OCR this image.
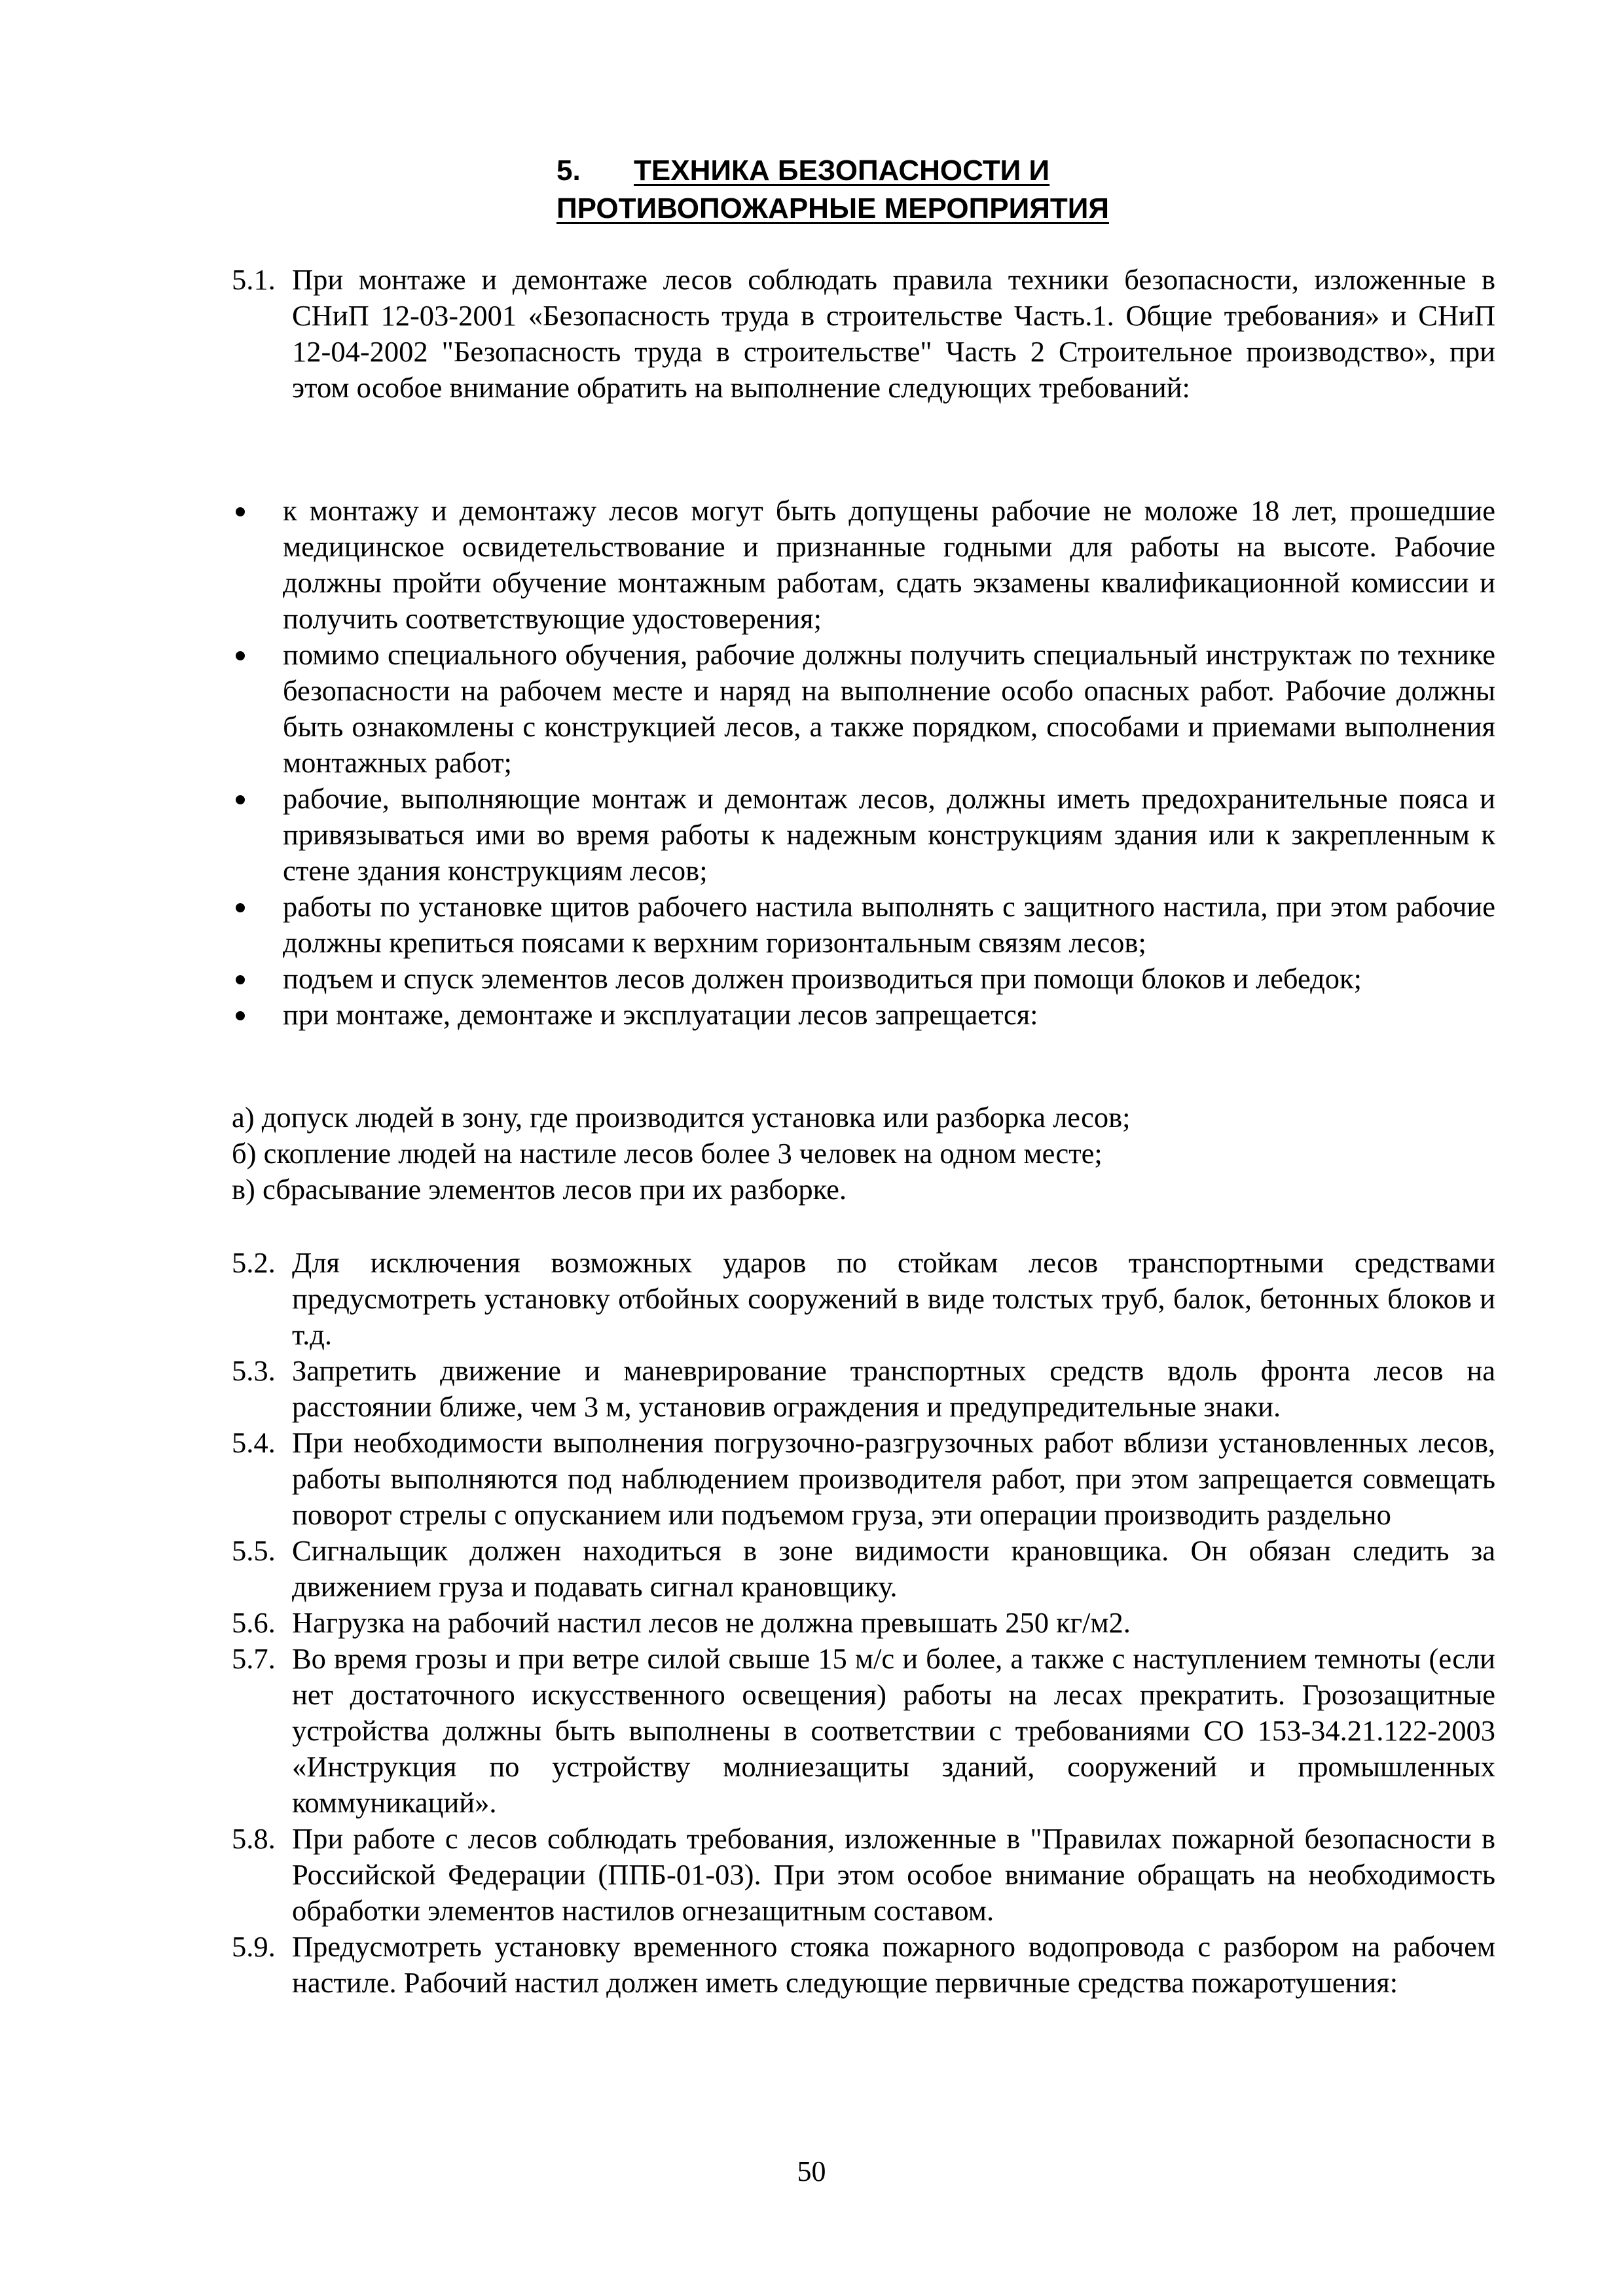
5. ТЕХНИКА БЕЗОПАСНОСТИ И
ПРОТИВОПОЖАРНЫЕ МЕРОПРИЯТИЯ
5.1. При монтаже и демонтаже лесов соблюдать правила техники безопасности, изложенные в СНиП 12-03-2001 «Безопасность труда в строительстве Часть.1. Общие требования» и СНиП 12-04-2002 "Безопасность труда в строительстве" Часть 2 Строительное производство», при этом особое внимание обратить на выполнение следующих требований:
к монтажу и демонтажу лесов могут быть допущены рабочие не моложе 18 лет, прошедшие медицинское освидетельствование и признанные годными для работы на высоте. Рабочие должны пройти обучение монтажным работам, сдать экзамены квалификационной комиссии и получить соответствующие удостоверения;
помимо специального обучения, рабочие должны получить специальный инструктаж по технике безопасности на рабочем месте и наряд на выполнение особо опасных работ. Рабочие должны быть ознакомлены с конструкцией лесов, а также порядком, способами и приемами выполнения монтажных работ;
рабочие, выполняющие монтаж и демонтаж лесов, должны иметь предохранительные пояса и привязываться ими во время работы к надежным конструкциям здания или к закрепленным к стене здания конструкциям лесов;
работы по установке щитов рабочего настила выполнять с защитного настила, при этом рабочие должны крепиться поясами к верхним горизонтальным связям лесов;
подъем и спуск элементов лесов должен производиться при помощи блоков и лебедок;
при монтаже, демонтаже и эксплуатации лесов запрещается:
а) допуск людей в зону, где производится установка или разборка лесов;
б) скопление людей на настиле лесов более 3 человек на одном месте;
в) сбрасывание элементов лесов при их разборке.
5.2. Для исключения возможных ударов по стойкам лесов транспортными средствами предусмотреть установку отбойных сооружений в виде толстых труб, балок, бетонных блоков и т.д.
5.3. Запретить движение и маневрирование транспортных средств вдоль фронта лесов на расстоянии ближе, чем 3 м, установив ограждения и предупредительные знаки.
5.4. При необходимости выполнения погрузочно-разгрузочных работ вблизи установленных лесов, работы выполняются под наблюдением производителя работ, при этом запрещается совмещать поворот стрелы с опусканием или подъемом груза, эти операции производить раздельно
5.5. Сигнальщик должен находиться в зоне видимости крановщика. Он обязан следить за движением груза и подавать сигнал крановщику.
5.6. Нагрузка на рабочий настил лесов не должна превышать 250 кг/м2.
5.7. Во время грозы и при ветре силой свыше 15 м/с и более, а также с наступлением темноты (если нет достаточного искусственного освещения) работы на лесах прекратить. Грозозащитные устройства должны быть выполнены в соответствии с требованиями СО 153-34.21.122-2003 «Инструкция по устройству молниезащиты зданий, сооружений и промышленных коммуникаций».
5.8. При работе с лесов соблюдать требования, изложенные в "Правилах пожарной безопасности в Российской Федерации (ППБ-01-03). При этом особое внимание обращать на необходимость обработки элементов настилов огнезащитным составом.
5.9. Предусмотреть установку временного стояка пожарного водопровода с разбором на рабочем настиле. Рабочий настил должен иметь следующие первичные средства пожаротушения:
50
